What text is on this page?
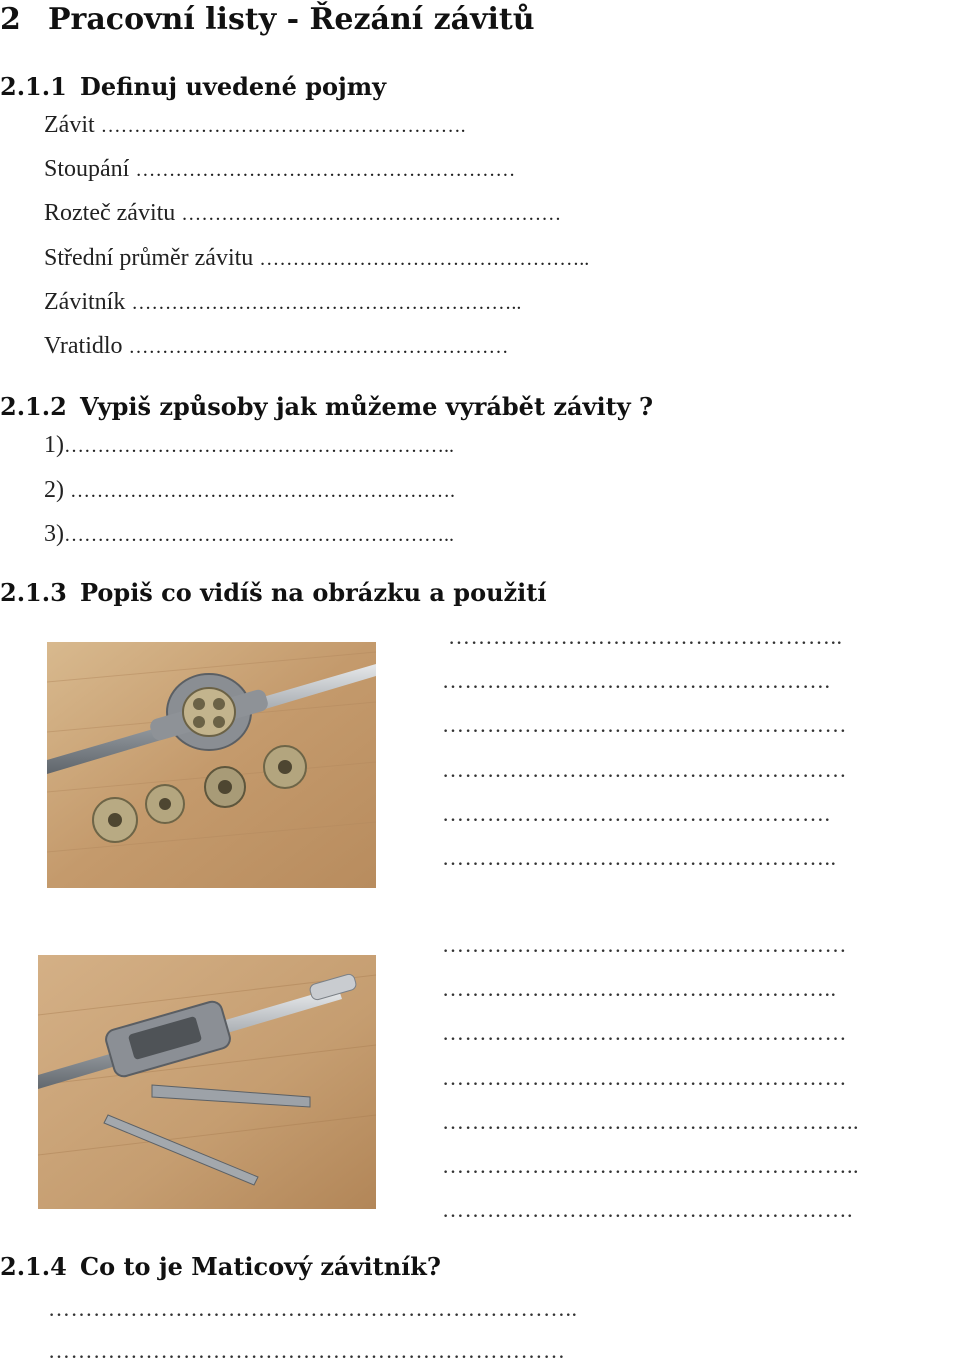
2 Pracovní listy - Řezání závitů
2.1.1 Definuj uvedené pojmy
Závit ……………………………………………….
Stoupání …………………………………………………
Rozteč závitu …………………………………………………
Střední průměr závitu …………………………………………..
Závitník …………………………………………………..
Vratidlo …………………………………………………
2.1.2 Vypiš způsoby jak můžeme vyrábět závity ?
1)…………………………………………………..
2) ………………………………………………….
3)…………………………………………………..
2.1.3 Popiš co vidíš na obrázku a použití
……………………………………………..
…………………………………………….
………………………………………………
………………………………………………
…………………………………………….
……………………………………………..
………………………………………………
……………………………………………..
………………………………………………
………………………………………………
………………………………………………..
………………………………………………..
……………………………………………….
2.1.4 Co to je Maticový závitník?
……………………………………………………………..
……………………………………………………………
